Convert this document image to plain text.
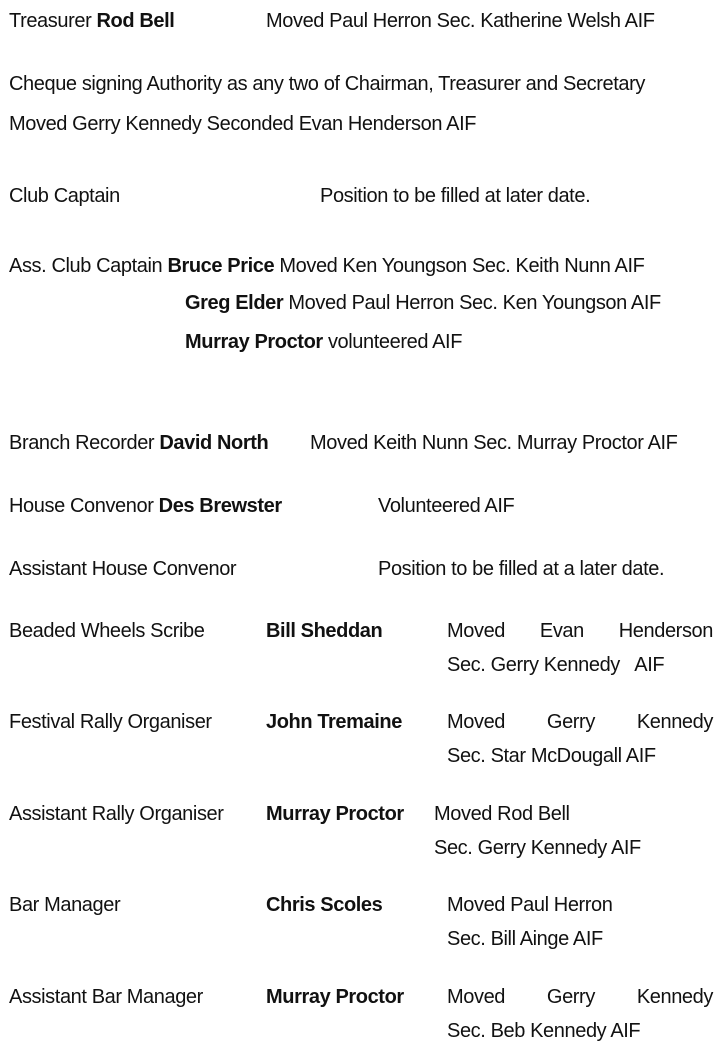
Treasurer Rod Bell	Moved Paul Herron Sec. Katherine Welsh AIF
Cheque signing Authority as any two of Chairman, Treasurer and Secretary
Moved Gerry Kennedy Seconded Evan Henderson AIF
Club Captain	Position to be filled at later date.
Ass. Club Captain Bruce Price Moved Ken Youngson Sec. Keith Nunn AIF
Greg Elder Moved Paul Herron Sec. Ken Youngson AIF
Murray Proctor volunteered AIF
Branch Recorder David North Moved Keith Nunn Sec. Murray Proctor AIF
House Convenor Des Brewster	Volunteered AIF
Assistant House Convenor	Position to be filled at a later date.
Beaded Wheels Scribe	Bill Sheddan	Moved Evan Henderson
Sec. Gerry Kennedy   AIF
Festival Rally Organiser	John Tremaine Moved Gerry Kennedy
Sec. Star McDougall AIF
Assistant Rally Organiser Murray Proctor Moved Rod Bell
Sec. Gerry Kennedy AIF
Bar Manager	Chris Scoles	Moved Paul Herron
Sec. Bill Ainge AIF
Assistant Bar Manager	Murray Proctor Moved Gerry Kennedy
Sec. Beb Kennedy AIF
